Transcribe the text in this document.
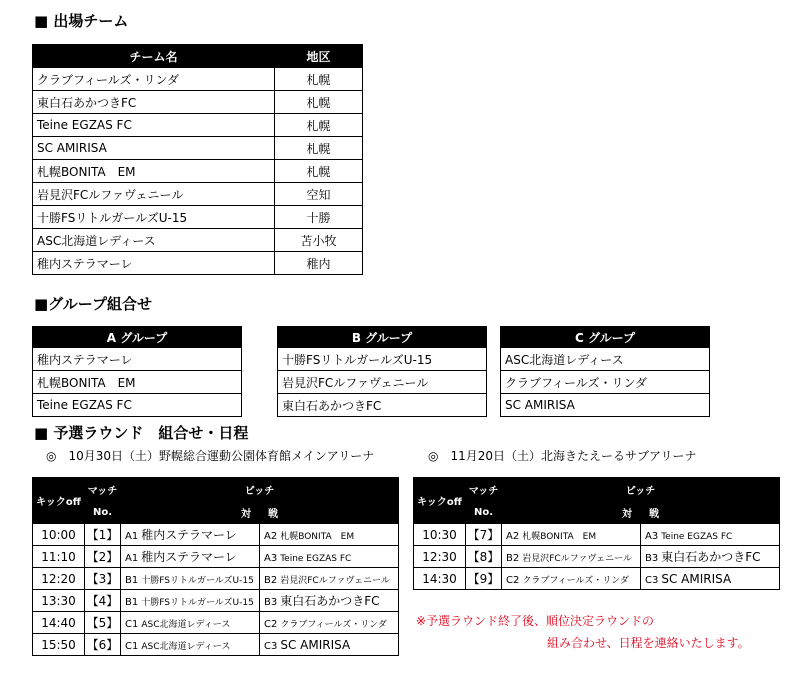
■ 出場チーム
チーム名	地区
クラブフィールズ・リンダ	札幌
東白石あかつきFC	札幌
Teine EGZAS FC	札幌
SC AMIRISA	札幌
札幌BONITA　EM	札幌
岩見沢FCルファヴェニール	空知
十勝FSリトルガールズU-15	十勝
ASC北海道レディース	苫小牧
稚内ステラマーレ	稚内
■グループ組合せ
A グループ
稚内ステラマーレ
札幌BONITA　EM
Teine EGZAS FC
B グループ
十勝FSリトルガールズU-15
岩見沢FCルファヴェニール
東白石あかつきFC
C グループ
ASC北海道レディース
クラブフィールズ・リンダ
SC AMIRISA
■ 予選ラウンド　組合せ・日程
◎　10月30日（土）野幌総合運動公園体育館メインアリーナ	◎　11月20日（土）北海きたえーるサブアリーナ
キックoff	マッチ	ピッチ	
	No.	対	戦
10:00	【1】	A1 稚内ステラマーレ	A2 札幌BONITA　EM
11:10	【2】	A1 稚内ステラマーレ	A3 Teine EGZAS FC
12:20	【3】	B1 十勝FSリトルガールズU-15	B2 岩見沢FCルファヴェニール
13:30	【4】	B1 十勝FSリトルガールズU-15	B3 東白石あかつきFC
14:40	【5】	C1 ASC北海道レディース	C2 クラブフィールズ・リンダ
15:50	【6】	C1 ASC北海道レディース	C3 SC AMIRISA
キックoff	マッチ	ピッチ	
	No.	対	戦
10:30	【7】	A2 札幌BONITA　EM	A3 Teine EGZAS FC
12:30	【8】	B2 岩見沢FCルファヴェニール	B3 東白石あかつきFC
14:30	【9】	C2 クラブフィールズ・リンダ	C3 SC AMIRISA
※予選ラウンド終了後、順位決定ラウンドの
組み合わせ、日程を連絡いたします。
